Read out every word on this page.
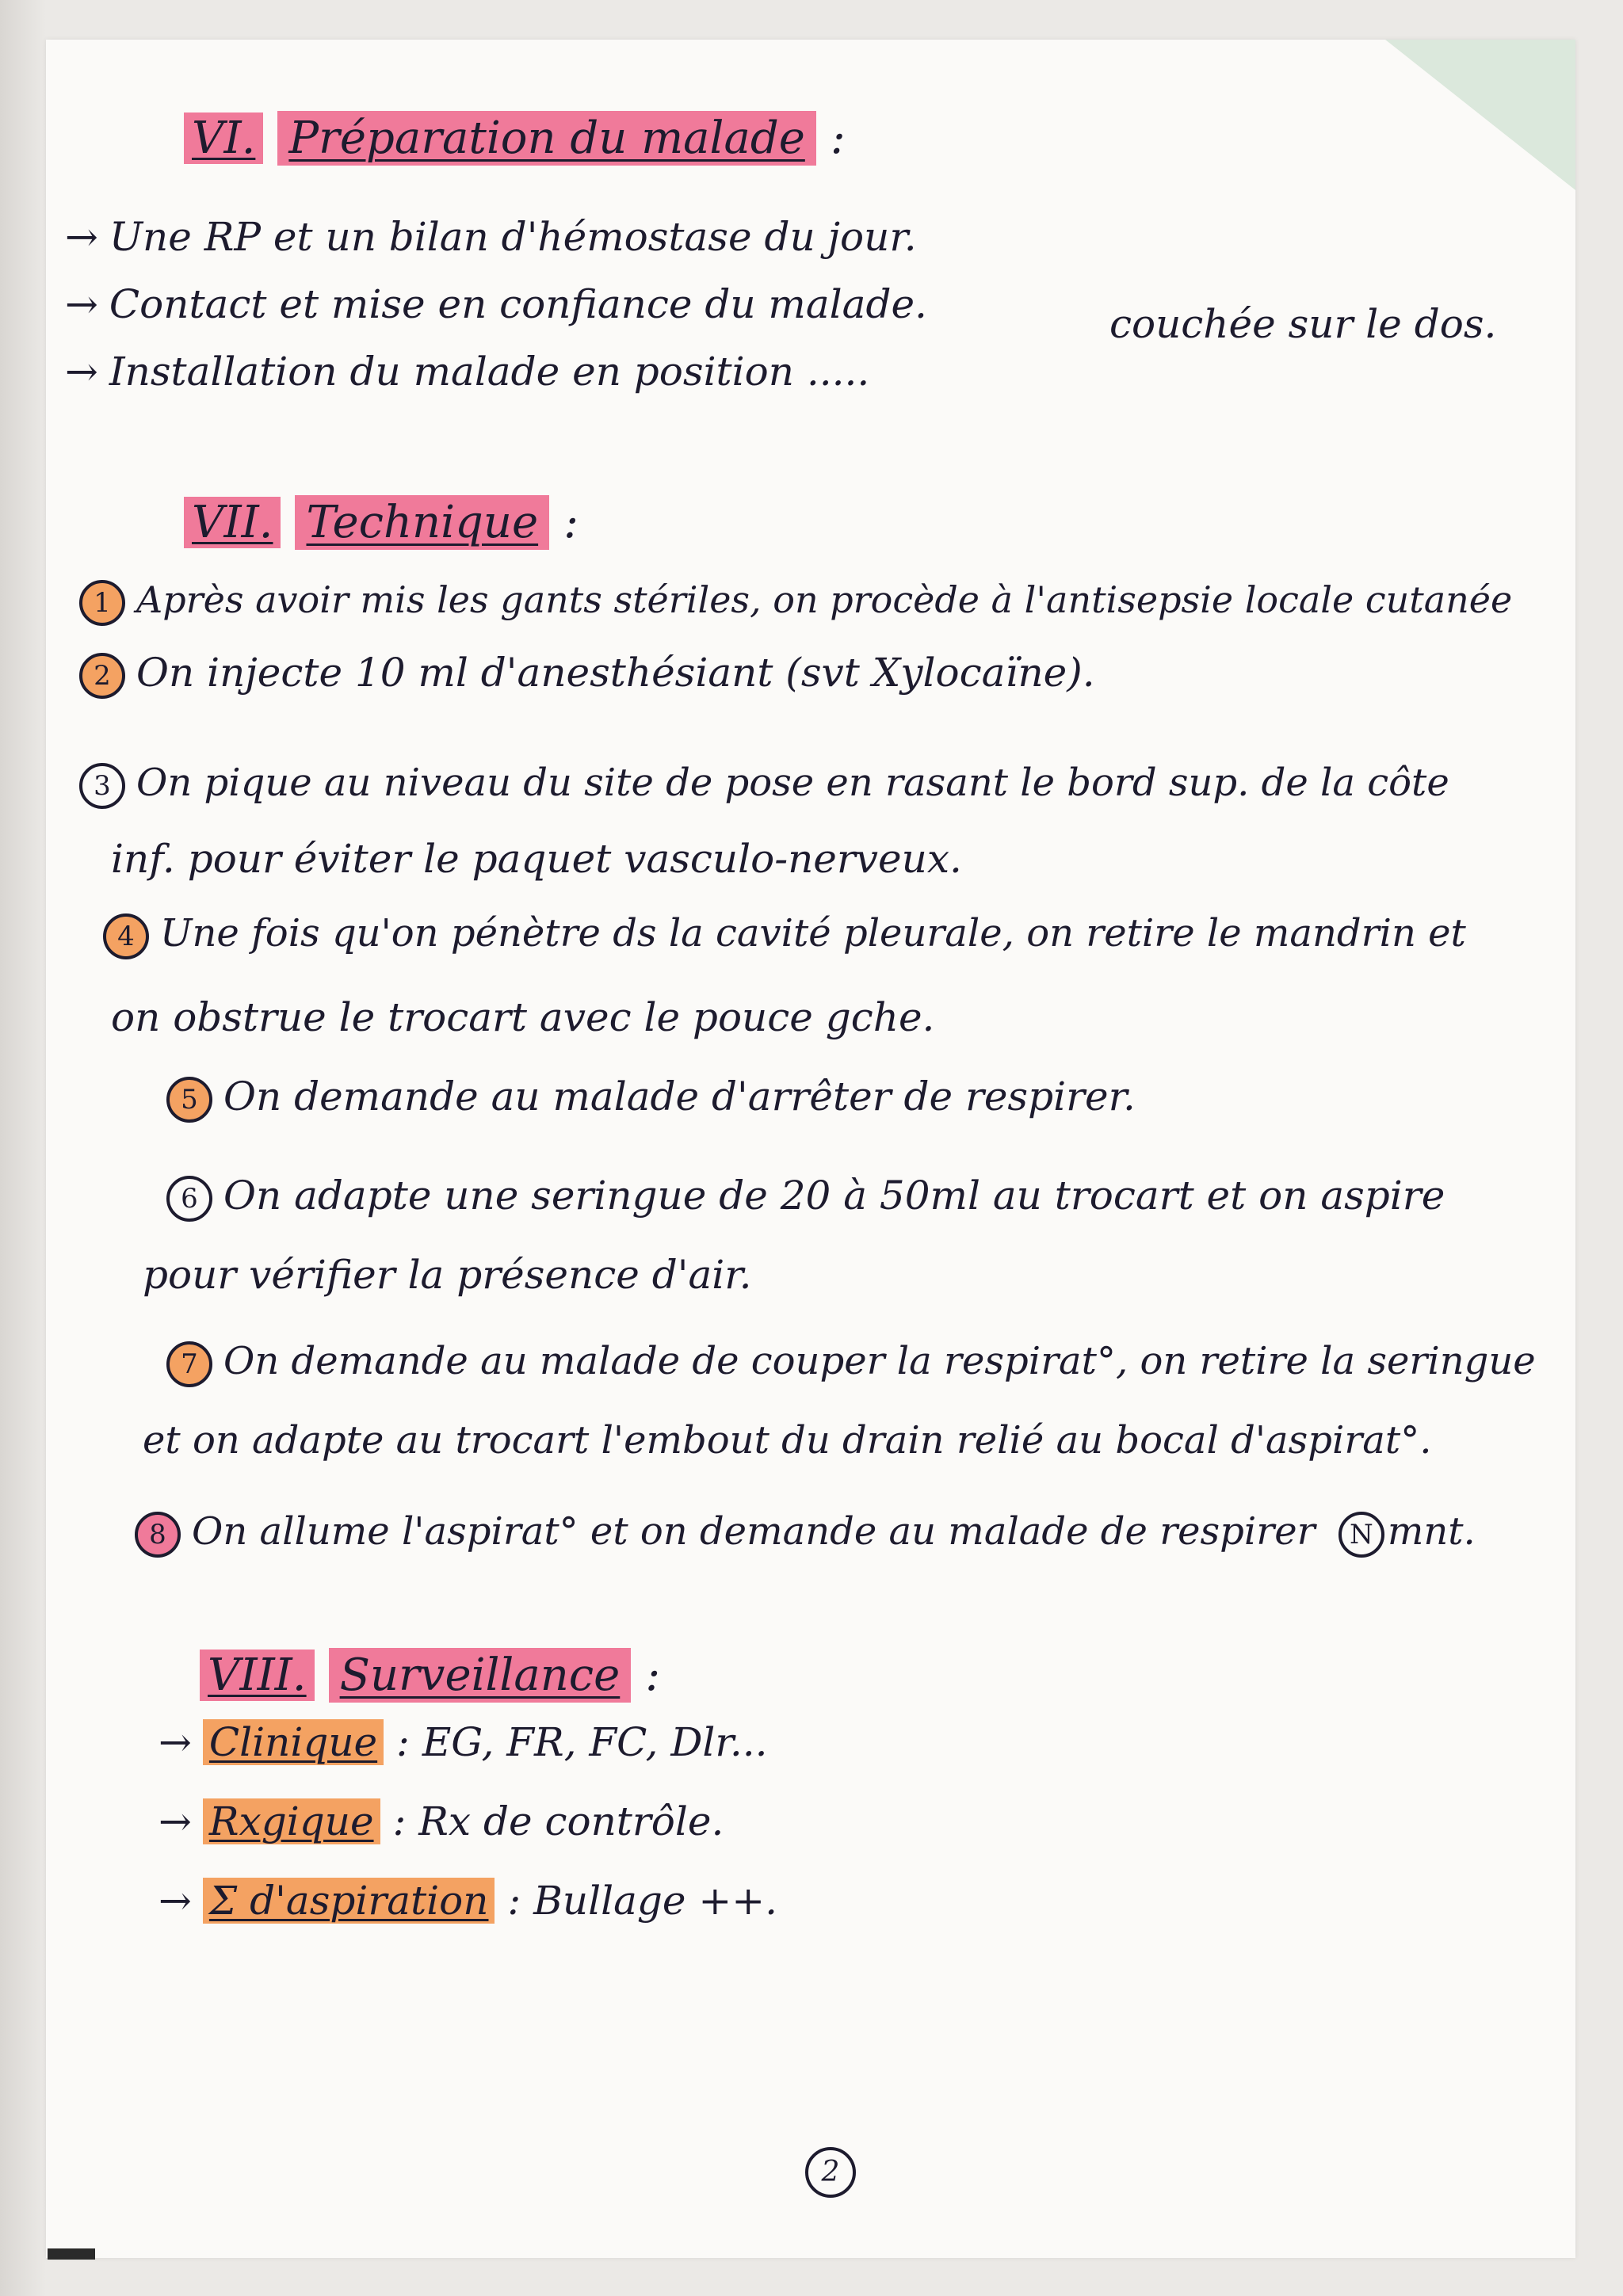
VI. Préparation du malade :
→ Une RP et un bilan d'hémostase du jour.
→ Contact et mise en confiance du malade.
→ Installation du malade en position .....
couchée sur le dos.
VII. Technique :
1 Après avoir mis les gants stériles, on procède à l'antisepsie locale cutanée
2 On injecte 10 ml d'anesthésiant (svt Xylocaïne).
3 On pique au niveau du site de pose en rasant le bord sup. de la côte
inf. pour éviter le paquet vasculo-nerveux.
4 Une fois qu'on pénètre ds la cavité pleurale, on retire le mandrin et
on obstrue le trocart avec le pouce gche.
5 On demande au malade d'arrêter de respirer.
6 On adapte une seringue de 20 à 50ml au trocart et on aspire
pour vérifier la présence d'air.
7 On demande au malade de couper la respirat°, on retire la seringue
et on adapte au trocart l'embout du drain relié au bocal d'aspirat°.
8 On allume l'aspirat° et on demande au malade de respirer N mnt.
VIII. Surveillance :
→ Clinique : EG, FR, FC, Dlr...
→ Rxgique : Rx de contrôle.
→ Σ d'aspiration : Bullage ++.
2
